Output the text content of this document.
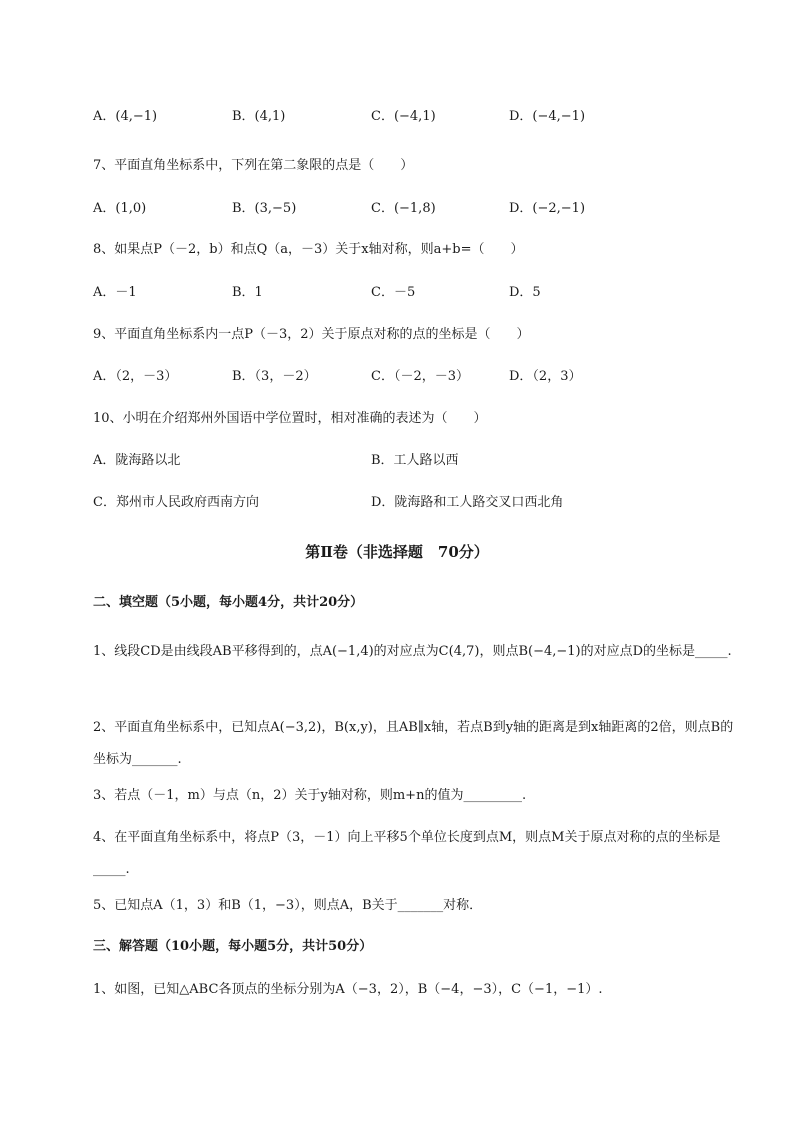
A．(4,−1)	B．(4,1)	C．(−4,1)	D．(−4,−1)
7、平面直角坐标系中，下列在第二象限的点是（　　）
A．(1,0)	B．(3,−5)	C．(−1,8)	D．(−2,−1)
8、如果点P（－2，b）和点Q（a，－3）关于x轴对称，则a+b=（　　）
A．－1	B．1	C．－5	D．5
9、平面直角坐标系内一点P（－3，2）关于原点对称的点的坐标是（　　）
A．（2，－3）	B．（3，－2）	C．（－2，－3）	D．（2，3）
10、小明在介绍郑州外国语中学位置时，相对准确的表述为（　　）
A．陇海路以北	B．工人路以西
C．郑州市人民政府西南方向	D．陇海路和工人路交叉口西北角
第Ⅱ卷（非选择题　70分）
二、填空题（5小题，每小题4分，共计20分）
1、线段CD是由线段AB平移得到的，点A(−1,4)的对应点为C(4,7)，则点B(−4,−1)的对应点D的坐标是_____.
2、平面直角坐标系中，已知点A(−3,2)，B(x,y)，且AB∥x轴，若点B到y轴的距离是到x轴距离的2倍，则点B的坐标为_______.
3、若点（－1，m）与点（n，2）关于y轴对称，则m+n的值为_________.
4、在平面直角坐标系中，将点P（3，－1）向上平移5个单位长度到点M，则点M关于原点对称的点的坐标是 _____.
5、已知点A（1，3）和B（1，−3），则点A，B关于_______对称．
三、解答题（10小题，每小题5分，共计50分）
1、如图，已知△ABC各顶点的坐标分别为A（−3，2），B（−4，−3），C（−1，−1）.
